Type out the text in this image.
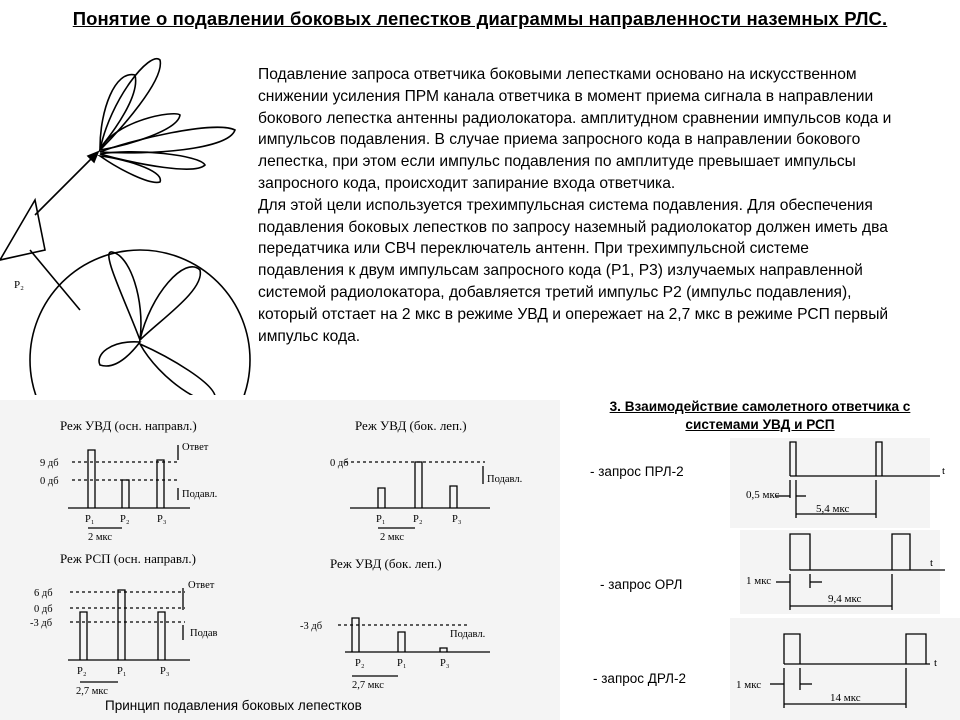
Понятие о подавлении боковых лепестков диаграммы направленности наземных РЛС.
P₂

Подавление запроса ответчика боковыми лепестками основано на искусственном снижении усиления ПРМ канала ответчика в момент приема сигнала в направлении бокового лепестка антенны радиолокатора. амплитудном сравнении импульсов кода и импульсов подавления. В случае приема запросного кода в направлении бокового лепестка, при этом если импульс подавления по амплитуде превышает импульсы запросного кода, происходит запирание входа ответчика.

Для этой цели используется трехимпульсная система подавления. Для обеспечения подавления боковых лепестков по запросу наземный радиолокатор должен иметь два передатчика или СВЧ переключатель антенн. При трехимпульсной системе подавления к двум импульсам запросного кода (Р1, Р3) излучаемых направленной системой радиолокатора, добавляется третий импульс Р2 (импульс подавления), который отстает на 2 мкс в режиме УВД и опережает на 2,7 мкс в режиме РСП первый импульс кода.

Реж УВД (осн. направл.)	Реж УВД (бок. леп.)
Реж РСП (осн. направл.)	Реж УВД (бок. леп.)
9 дб
0 дб
0 дб
6 дб
0 дб
-3 дб	-3 дб
Ответ
Подавл.
Подавл.
Ответ
Подав	Подавл.
P₁ P₂	P₃	P₁	P₂	P₃
P₂	P₁	P₃
P₂	P₁	P₃
2 мкс	2 мкс
2,7 мкс
2,7 мкс
3. Взаимодействие самолетного ответчика с
системами УВД и РСП
- запрос ПРЛ-2
- запрос ОРЛ
- запрос ДРЛ-2
t
0,5 мкс
5,4 мкс
t
1 мкс
9,4 мкс
t
1 мкс
14 мкс
Принцип подавления боковых лепестков
